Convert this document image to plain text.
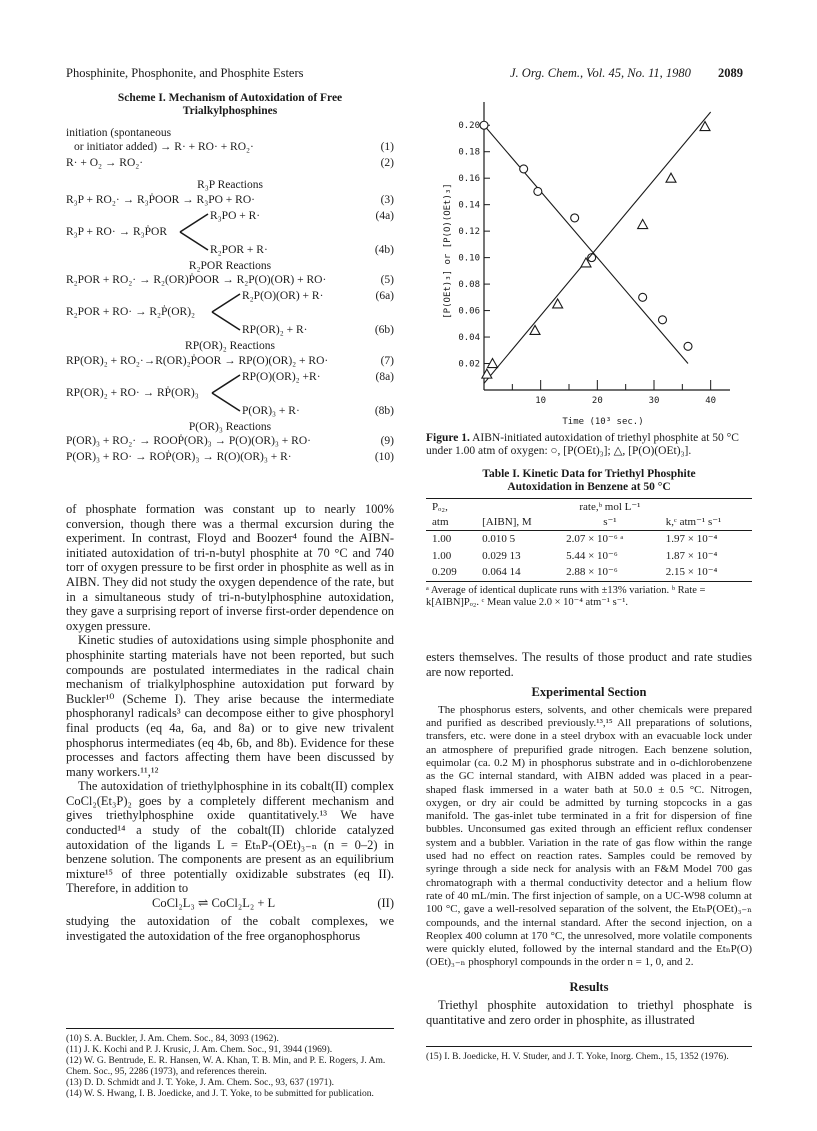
Phosphinite, Phosphonite, and Phosphite Esters	J. Org. Chem., Vol. 45, No. 11, 1980 2089
Scheme I. Mechanism of Autoxidation of Free Trialkylphosphines
initiation (spontaneous
or initiator added) → R· + RO· + RO₂·	(1)
R· + O₂ → RO₂·	(2)
R₃P Reactions
R₃P + RO₂· → R₃ṖOOR → R₃PO + RO·	(3)
R₃PO + R·	(4a)
R₃P + RO· → R₃ṖOR
R₂POR + R·	(4b)
R₂POR Reactions
R₂POR + RO₂· → R₂(OR)ṖOOR → R₂P(O)(OR) + RO·	(5)
R₂P(O)(OR) + R·	(6a)
R₂POR + RO· → R₂Ṗ(OR)₂
RP(OR)₂ + R·	(6b)
RP(OR)₂ Reactions
RP(OR)₂ + RO₂·→R(OR)₂ṖOOR → RP(O)(OR)₂ + RO·	(7)
RP(O)(OR)₂ +R·	(8a)
RP(OR)₂ + RO· → RṖ(OR)₃
P(OR)₃ + R·	(8b)
P(OR)₃ Reactions
P(OR)₃ + RO₂· → ROOṖ(OR)₃ → P(O)(OR)₃ + RO·	(9)
P(OR)₃ + RO· → ROṖ(OR)₃ → R(O)(OR)₃ + R·	(10)

of phosphate formation was constant up to nearly 100% conversion, though there was a thermal excursion during the experiment. In contrast, Floyd and Boozer⁴ found the AIBN-initiated autoxidation of tri-n-butyl phosphite at 70 °C and 740 torr of oxygen pressure to be first order in phosphite as well as in AIBN. They did not study the oxygen dependence of the rate, but in a simultaneous study of tri-n-butylphosphine autoxidation, they gave a surprising report of inverse first-order dependence on oxygen pressure.

Kinetic studies of autoxidations using simple phosphonite and phosphinite starting materials have not been reported, but such compounds are postulated intermediates in the radical chain mechanism of trialkylphosphine autoxidation put forward by Buckler¹⁰ (Scheme I). They arise because the intermediate phosphoranyl radicals³ can decompose either to give phosphoryl final products (eq 4a, 6a, and 8a) or to give new trivalent phosphorus intermediates (eq 4b, 6b, and 8b). Evidence for these processes and factors affecting them have been discussed by many workers.¹¹,¹²

The autoxidation of triethylphosphine in its cobalt(II) complex CoCl₂(Et₃P)₂ goes by a completely different mechanism and gives triethylphosphine oxide quantitatively.¹³ We have conducted¹⁴ a study of the cobalt(II) chloride catalyzed autoxidation of the ligands L = EtₙP-(OEt)₃₋ₙ (n = 0–2) in benzene solution. The components are present as an equilibrium mixture¹⁵ of three potentially oxidizable substrates (eq II). Therefore, in addition to

CoCl₂L₃ ⇌ CoCl₂L₂ + L	(II)

studying the autoxidation of the cobalt complexes, we investigated the autoxidation of the free organophosphorus

(10) S. A. Buckler, J. Am. Chem. Soc., 84, 3093 (1962).
(11) J. K. Kochi and P. J. Krusic, J. Am. Chem. Soc., 91, 3944 (1969).
(12) W. G. Bentrude, E. R. Hansen, W. A. Khan, T. B. Min, and P. E. Rogers, J. Am. Chem. Soc., 95, 2286 (1973), and references therein.
(13) D. D. Schmidt and J. T. Yoke, J. Am. Chem. Soc., 93, 637 (1971).
(14) W. S. Hwang, I. B. Joedicke, and J. T. Yoke, to be submitted for publication.
0.02
0.04
0.06
0.08
0.10
0.12
0.14
0.16
0.18
0.20
10	20	30	40
Time (10³ sec.)
[P(OEt)₃] or [P(O)(OEt)₃]
Figure 1. AIBN-initiated autoxidation of triethyl phosphite at 50 °C under 1.00 atm of oxygen: ○, [P(OEt)₃]; △, [P(O)(OEt)₃].
Table I. Kinetic Data for Triethyl Phosphite
Autoxidation in Benzene at 50 °C
Pₒ₂,
atm	[AIBN], M	rate,ᵇ mol L⁻¹
s⁻¹	k,ᶜ atm⁻¹ s⁻¹

1.00	0.010 5	2.07 × 10⁻⁶ ᵃ	1.97 × 10⁻⁴
1.00	0.029 13	5.44 × 10⁻⁶	1.87 × 10⁻⁴
0.209	0.064 14	2.88 × 10⁻⁶	2.15 × 10⁻⁴
ᵃ Average of identical duplicate runs with ±13% variation. ᵇ Rate = k[AIBN]Pₒ₂. ᶜ Mean value 2.0 × 10⁻⁴ atm⁻¹ s⁻¹.

esters themselves. The results of those product and rate studies are now reported.

Experimental Section

The phosphorus esters, solvents, and other chemicals were prepared and purified as described previously.¹³,¹⁵ All preparations of solutions, transfers, etc. were done in a steel drybox with an evacuable lock under an atmosphere of prepurified grade nitrogen. Each benzene solution, equimolar (ca. 0.2 M) in phosphorus substrate and in o-dichlorobenzene as the GC internal standard, with AIBN added was placed in a pear-shaped flask immersed in a water bath at 50.0 ± 0.5 °C. Nitrogen, oxygen, or dry air could be admitted by turning stopcocks in a gas manifold. The gas-inlet tube terminated in a frit for dispersion of fine bubbles. Unconsumed gas exited through an efficient reflux condenser system and a bubbler. Variation in the rate of gas flow within the range used had no effect on reaction rates. Samples could be removed by syringe through a side neck for analysis with an F&M Model 700 gas chromatograph with a thermal conductivity detector and a helium flow rate of 40 mL/min. The first injection of sample, on a UC-W98 column at 100 °C, gave a well-resolved separation of the solvent, the EtₙP(OEt)₃₋ₙ compounds, and the internal standard. After the second injection, on a Reoplex 400 column at 170 °C, the unresolved, more volatile components were quickly eluted, followed by the internal standard and the EtₙP(O)(OEt)₃₋ₙ phosphoryl compounds in the order n = 1, 0, and 2.

Results

Triethyl phosphite autoxidation to triethyl phosphate is quantitative and zero order in phosphite, as illustrated

(15) I. B. Joedicke, H. V. Studer, and J. T. Yoke, Inorg. Chem., 15, 1352 (1976).
